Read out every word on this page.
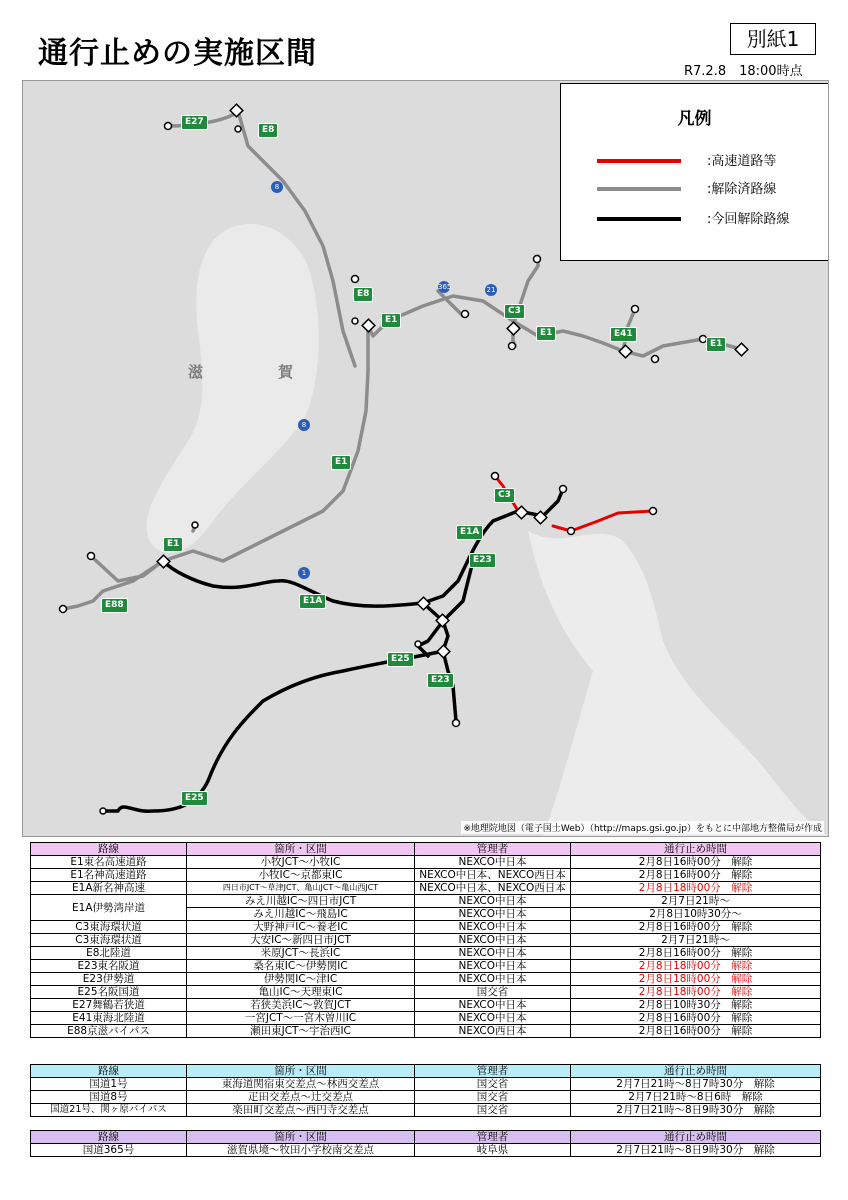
通行止めの実施区間	別紙1
R7.2.8　18:00時点
滋	賀
E27
E8
E8
E1
C3
E1	E41
E1
E1
C3
E1A
E1
E23
E88	E1A
E25
E23
E25
8
365	21
8
1
凡例
:高速道路等
:解除済路線
:今回解除路線
※地理院地図（電子国土Web）（http://maps.gsi.go.jp）をもとに中部地方整備局が作成
路線	箇所・区間	管理者	通行止め時間
E1東名高速道路	小牧JCT～小牧IC	NEXCO中日本	2月8日16時00分　解除
E1名神高速道路	小牧IC～京都東IC	NEXCO中日本、NEXCO西日本	2月8日16時00分　解除
E1A新名神高速	四日市JCT～草津JCT、亀山JCT～亀山西JCT	NEXCO中日本、NEXCO西日本	2月8日18時00分　解除
E1A伊勢湾岸道	みえ川越IC～四日市JCT	NEXCO中日本	2月7日21時～
	みえ川越IC～飛島IC	NEXCO中日本	2月8日10時30分～
C3東海環状道	大野神戸IC～養老IC	NEXCO中日本	2月8日16時00分　解除
C3東海環状道	大安IC～新四日市JCT	NEXCO中日本	2月7日21時～
E8北陸道	米原JCT～長浜IC	NEXCO中日本	2月8日16時00分　解除
E23東名阪道	桑名東IC～伊勢関IC	NEXCO中日本	2月8日18時00分　解除
E23伊勢道	伊勢関IC～津IC	NEXCO中日本	2月8日18時00分　解除
E25名阪国道	亀山IC～天理東IC	国交省	2月8日18時00分　解除
E27舞鶴若狭道	若狭美浜IC～敦賀JCT	NEXCO中日本	2月8日10時30分　解除
E41東海北陸道	一宮JCT～一宮木曽川IC	NEXCO中日本	2月8日16時00分　解除
E88京滋バイパス	瀬田東JCT～宇治西IC	NEXCO西日本	2月8日16時00分　解除
路線	箇所・区間	管理者	通行止め時間
国道1号	東海道関宿東交差点～林西交差点	国交省	2月7日21時～8日7時30分　解除
国道8号	疋田交差点～辻交差点	国交省	2月7日21時～8日6時　解除
国道21号、関ヶ原バイパス	楽田町交差点～西円寺交差点	国交省	2月7日21時～8日9時30分　解除
路線	箇所・区間	管理者	通行止め時間
国道365号	滋賀県境～牧田小学校南交差点	岐阜県	2月7日21時～8日9時30分　解除
